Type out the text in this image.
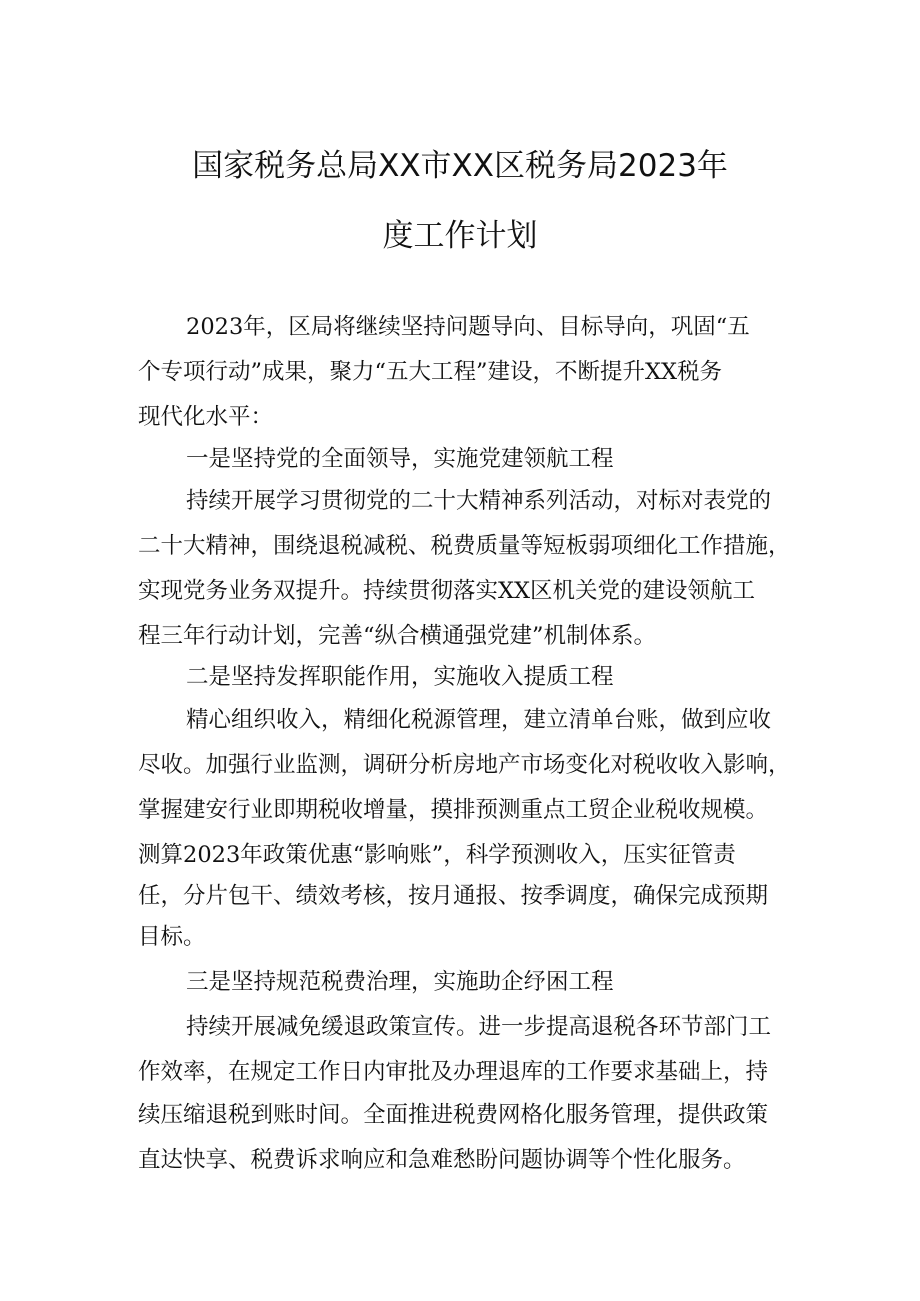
国家税务总局XX市XX区税务局2023年
度工作计划
2023年，区局将继续坚持问题导向、目标导向，巩固“五
个专项行动”成果，聚力“五大工程”建设，不断提升XX税务
现代化水平：
一是坚持党的全面领导，实施党建领航工程
持续开展学习贯彻党的二十大精神系列活动，对标对表党的
二十大精神，围绕退税减税、税费质量等短板弱项细化工作措施，
实现党务业务双提升。持续贯彻落实XX区机关党的建设领航工
程三年行动计划，完善“纵合横通强党建”机制体系。
二是坚持发挥职能作用，实施收入提质工程
精心组织收入，精细化税源管理，建立清单台账，做到应收
尽收。加强行业监测，调研分析房地产市场变化对税收收入影响，
掌握建安行业即期税收增量，摸排预测重点工贸企业税收规模。
测算2023年政策优惠“影响账”，科学预测收入，压实征管责
任，分片包干、绩效考核，按月通报、按季调度，确保完成预期
目标。
三是坚持规范税费治理，实施助企纾困工程
持续开展减免缓退政策宣传。进一步提高退税各环节部门工
作效率，在规定工作日内审批及办理退库的工作要求基础上，持
续压缩退税到账时间。全面推进税费网格化服务管理，提供政策
直达快享、税费诉求响应和急难愁盼问题协调等个性化服务。
